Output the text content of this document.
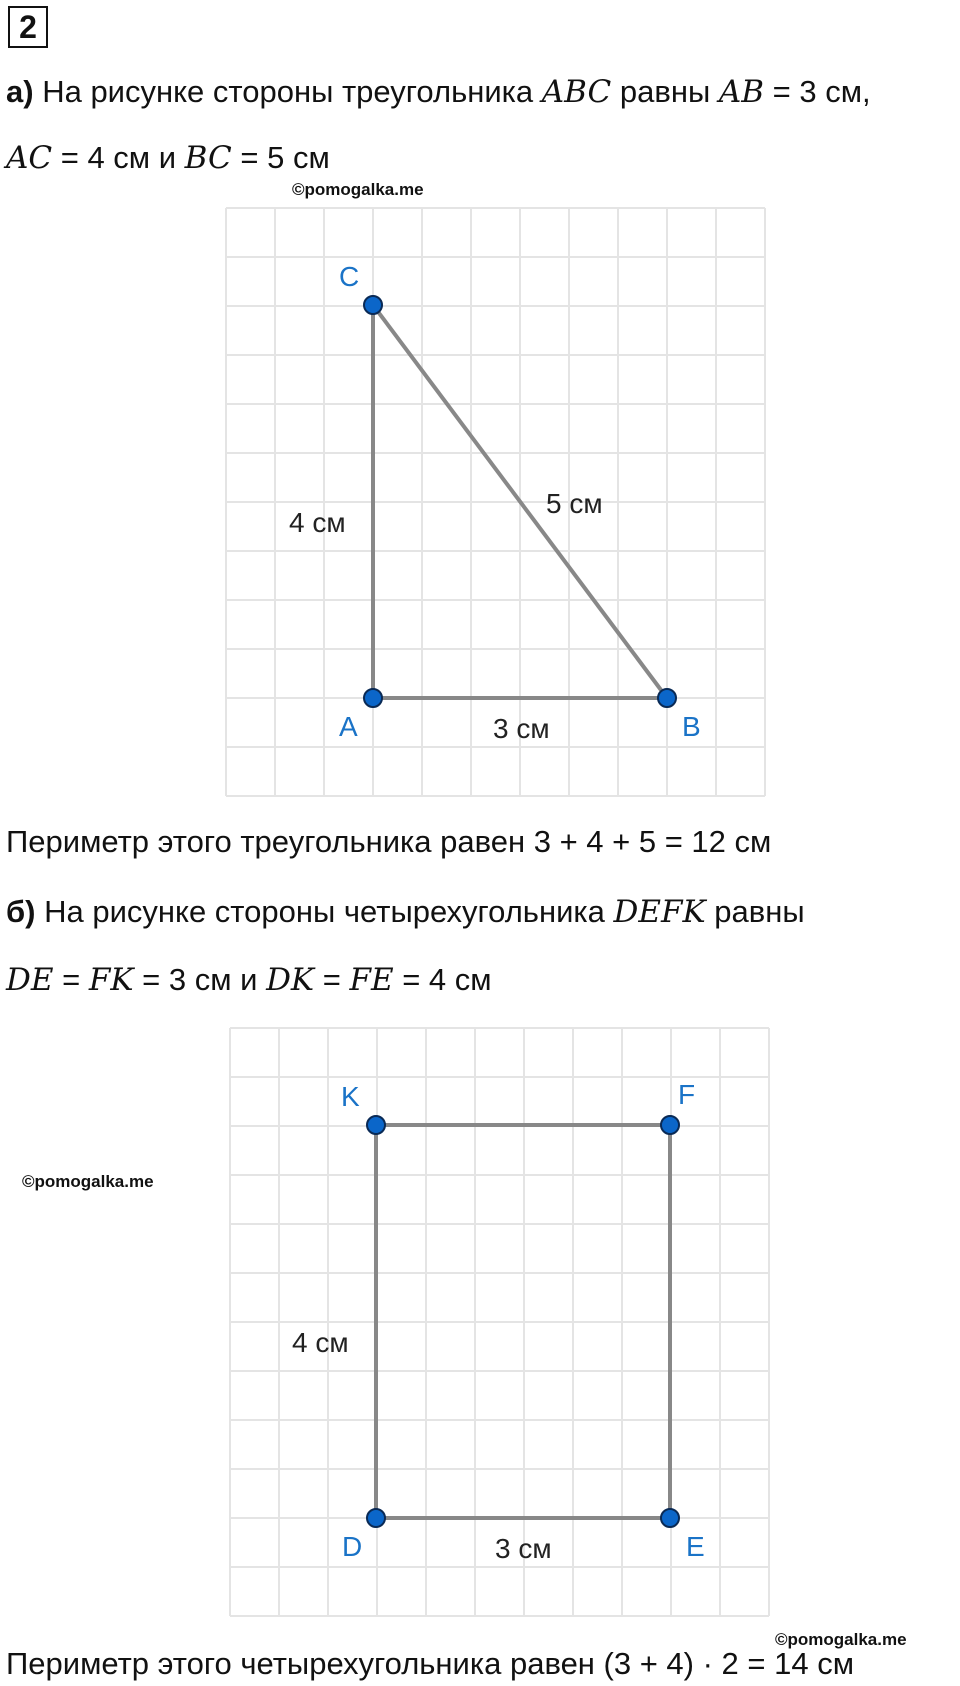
2
а) На рисунке стороны треугольника ABC равны AB = 3 см,
AC = 4 см и BC = 5 см
©pomogalka.me
C
A	B
4 см
5 см
3 см
Периметр этого треугольника равен 3 + 4 + 5 = 12 см
б) На рисунке стороны четырехугольника DEFK равны
DE = FK = 3 см и DK = FE = 4 см
©pomogalka.me
K	F
D	E
4 см
3 см
©pomogalka.me
Периметр этого четырехугольника равен (3 + 4) · 2 = 14 см
